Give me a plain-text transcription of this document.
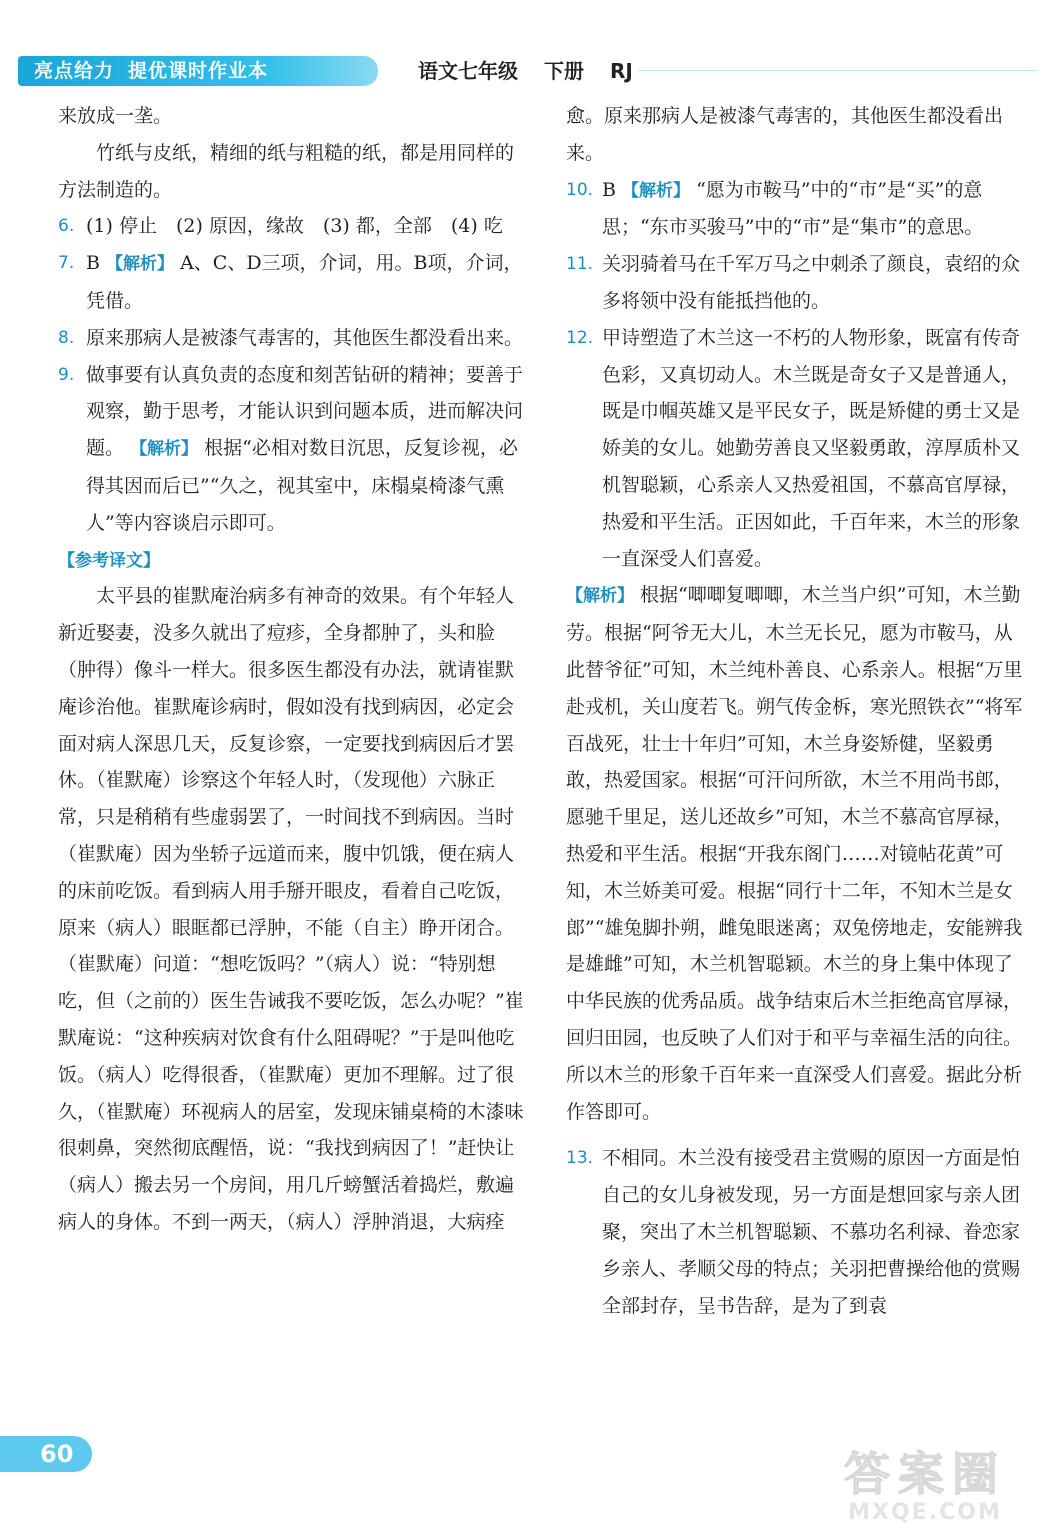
亮点给力 提优课时作业本	语文七年级 下册 RJ

来放成一垄。

竹纸与皮纸，精细的纸与粗糙的纸，都是用同样的方法制造的。

6. (1) 停止　(2) 原因，缘故　(3) 都，全部　(4) 吃
7. B 【解析】 A、C、D三项，介词，用。B项，介词，凭借。
8. 原来那病人是被漆气毒害的，其他医生都没看出来。
9. 做事要有认真负责的态度和刻苦钻研的精神；要善于观察，勤于思考，才能认识到问题本质，进而解决问题。 【解析】 根据“必相对数日沉思，反复诊视，必得其因而后已”“久之，视其室中，床榻桌椅漆气熏人”等内容谈启示即可。
【参考译文】

太平县的崔默庵治病多有神奇的效果。有个年轻人新近娶妻，没多久就出了痘疹，全身都肿了，头和脸（肿得）像斗一样大。很多医生都没有办法，就请崔默庵诊治他。崔默庵诊病时，假如没有找到病因，必定会面对病人深思几天，反复诊察，一定要找到病因后才罢休。（崔默庵）诊察这个年轻人时，（发现他）六脉正常，只是稍稍有些虚弱罢了，一时间找不到病因。当时（崔默庵）因为坐轿子远道而来，腹中饥饿，便在病人的床前吃饭。看到病人用手掰开眼皮，看着自己吃饭，原来（病人）眼眶都已浮肿，不能（自主）睁开闭合。（崔默庵）问道：“想吃饭吗？”（病人）说：“特别想吃，但（之前的）医生告诫我不要吃饭，怎么办呢？”崔默庵说：“这种疾病对饮食有什么阻碍呢？”于是叫他吃饭。（病人）吃得很香，（崔默庵）更加不理解。过了很久，（崔默庵）环视病人的居室，发现床铺桌椅的木漆味很刺鼻，突然彻底醒悟，说：“我找到病因了！”赶快让（病人）搬去另一个房间，用几斤螃蟹活着捣烂，敷遍病人的身体。不到一两天，（病人）浮肿消退，大病痊

愈。原来那病人是被漆气毒害的，其他医生都没看出来。

10. B 【解析】 “愿为市鞍马”中的“市”是“买”的意思；“东市买骏马”中的“市”是“集市”的意思。
11. 关羽骑着马在千军万马之中刺杀了颜良，袁绍的众多将领中没有能抵挡他的。
12. 甲诗塑造了木兰这一不朽的人物形象，既富有传奇色彩，又真切动人。木兰既是奇女子又是普通人，既是巾帼英雄又是平民女子，既是矫健的勇士又是娇美的女儿。她勤劳善良又坚毅勇敢，淳厚质朴又机智聪颖，心系亲人又热爱祖国，不慕高官厚禄，热爱和平生活。正因如此，千百年来，木兰的形象一直深受人们喜爱。

【解析】 根据“唧唧复唧唧，木兰当户织”可知，木兰勤劳。根据“阿爷无大儿，木兰无长兄，愿为市鞍马，从此替爷征”可知，木兰纯朴善良、心系亲人。根据“万里赴戎机，关山度若飞。朔气传金柝，寒光照铁衣”“将军百战死，壮士十年归”可知，木兰身姿矫健，坚毅勇敢，热爱国家。根据“可汗问所欲，木兰不用尚书郎，愿驰千里足，送儿还故乡”可知，木兰不慕高官厚禄，热爱和平生活。根据“开我东阁门……对镜帖花黄”可知，木兰娇美可爱。根据“同行十二年，不知木兰是女郎”“雄兔脚扑朔，雌兔眼迷离；双兔傍地走，安能辨我是雄雌”可知，木兰机智聪颖。木兰的身上集中体现了中华民族的优秀品质。战争结束后木兰拒绝高官厚禄，回归田园，也反映了人们对于和平与幸福生活的向往。所以木兰的形象千百年来一直深受人们喜爱。据此分析作答即可。

13. 不相同。木兰没有接受君主赏赐的原因一方面是怕自己的女儿身被发现，另一方面是想回家与亲人团聚，突出了木兰机智聪颖、不慕功名利禄、眷恋家乡亲人、孝顺父母的特点；关羽把曹操给他的赏赐全部封存，呈书告辞，是为了到袁
60	答案圈
MXQE.COM
